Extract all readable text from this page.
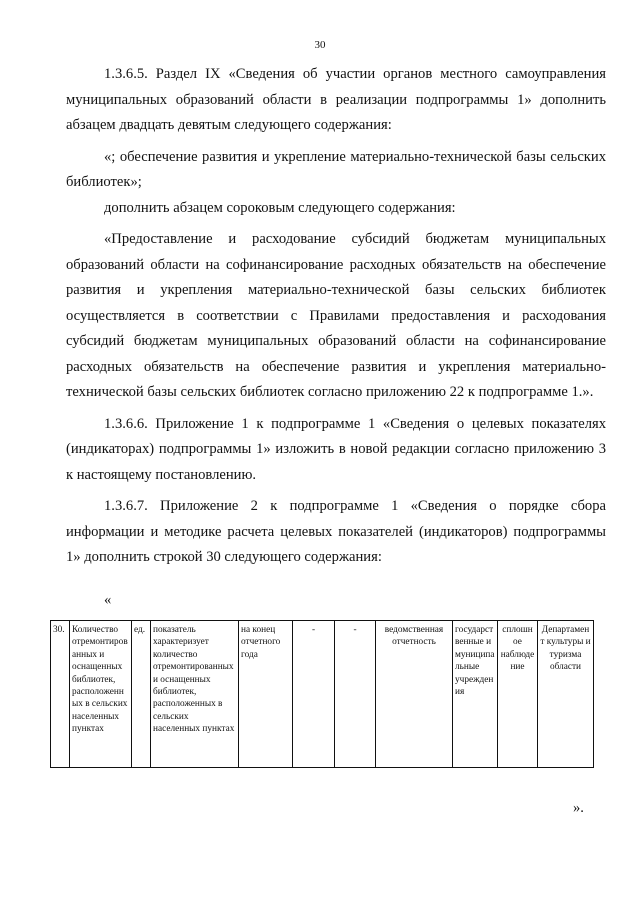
30

1.3.6.5. Раздел IX «Сведения об участии органов местного самоуправления муниципальных образований области в реализации подпрограммы 1» дополнить абзацем двадцать девятым следующего содержания:

«; обеспечение развития и укрепление материально-технической базы сельских библиотек»;

дополнить абзацем сороковым следующего содержания:

«Предоставление и расходование субсидий бюджетам муниципальных образований области на софинансирование расходных обязательств на обеспечение развития и укрепления материально-технической базы сельских библиотек осуществляется в соответствии с Правилами предоставления и расходования субсидий бюджетам муниципальных образований области на софинансирование расходных обязательств на обеспечение развития и укрепления материально-технической базы сельских библиотек согласно приложению 22 к подпрограмме 1.».

1.3.6.6. Приложение 1 к подпрограмме 1 «Сведения о целевых показателях (индикаторах) подпрограммы 1» изложить в новой редакции согласно приложению 3 к настоящему постановлению.

1.3.6.7. Приложение 2 к подпрограмме 1 «Сведения о порядке сбора информации и методике расчета целевых показателей (индикаторов) подпрограммы 1» дополнить строкой 30 следующего содержания:

«
30.	Количество отремонтированных и оснащенных библиотек, расположенных в сельских населенных пунктах	ед.	показатель характеризует количество отремонтированных и оснащенных библиотек, расположенных в сельских населенных пунктах	на конец отчетного года	-	-	ведомственная отчетность	государственные и муниципальные учреждения	сплошное наблюдение	Департамент культуры и туризма области
».
